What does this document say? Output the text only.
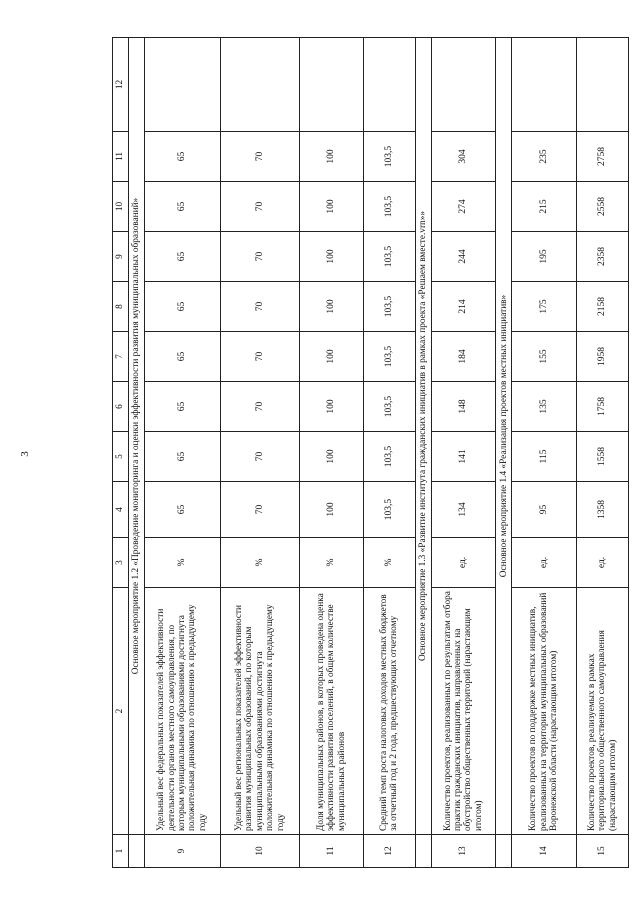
3
1	2	3	4	5	6	7	8	9	10	11	12
	Основное мероприятие 1.2 «Проведение мониторинга и оценки эффективности развития муниципальных образований»										
9	Удельный вес федеральных показателей эффективности деятельности органов местного самоуправления, по которым муниципальными образованиями достигнута положительная динамика по отношению к предыдущему году	%	65	65	65	65	65	65	65	65	
10	Удельный вес региональных показателей эффективности развития муниципальных образований, по которым муниципальными образованиями достигнута положительная динамика по отношению к предыдущему году	%	70	70	70	70	70	70	70	70	
11	Доля муниципальных районов, в которых проведена оценка эффективности развития поселений, в общем количестве муниципальных районов	%	100	100	100	100	100	100	100	100	
12	Средний темп роста налоговых доходов местных бюджетов за отчетный год и 2 года, предшествующих отчетному	%	103,5	103,5	103,5	103,5	103,5	103,5	103,5	103,5	
	Основное мероприятие 1.3 «Развитие института гражданских инициатив в рамках проекта «Решаем вместе.vrn»»										
13	Количество проектов, реализованных по результатам отбора практик гражданских инициатив, направленных на обустройство общественных территорий (нарастающим итогом)	ед.	134	141	148	184	214	244	274	304	
	Основное мероприятие 1.4 «Реализация проектов местных инициатив»										
14	Количество проектов по поддержке местных инициатив, реализованных на территории муниципальных образований Воронежской области (нарастающим итогом)	ед.	95	115	135	155	175	195	215	235	
15	Количество проектов, реализуемых в рамках территориального общественного самоуправления (нарастающим итогом)	ед.	1358	1558	1758	1958	2158	2358	2558	2758	
